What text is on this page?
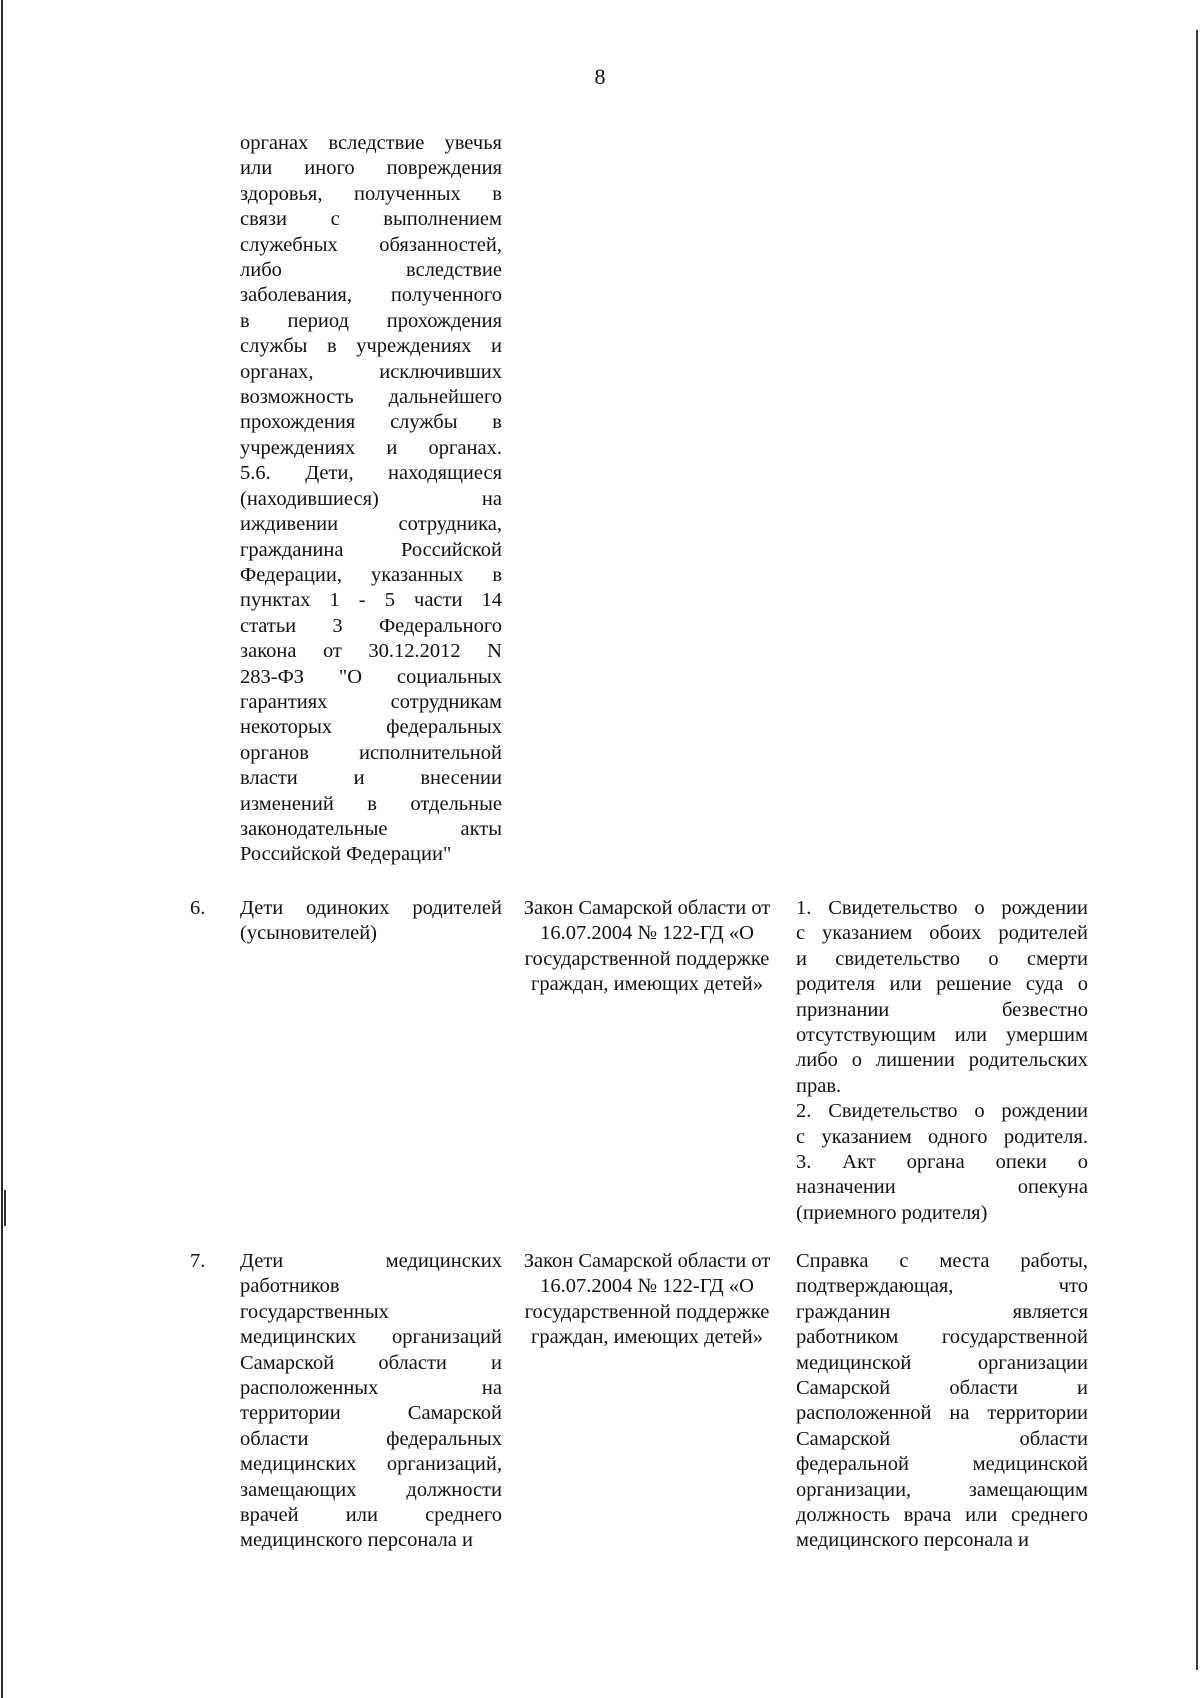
8
органах вследствие увечья
или иного повреждения
здоровья, полученных в
связи с выполнением
служебных обязанностей,
либо вследствие
заболевания, полученного
в период прохождения
службы в учреждениях и
органах, исключивших
возможность дальнейшего
прохождения службы в
учреждениях и органах.
5.6. Дети, находящиеся
(находившиеся) на
иждивении сотрудника,
гражданина Российской
Федерации, указанных в
пунктах 1 - 5 части 14
статьи 3 Федерального
закона от 30.12.2012 N
283-ФЗ "О социальных
гарантиях сотрудникам
некоторых федеральных
органов исполнительной
власти и внесении
изменений в отдельные
законодательные акты
Российской Федерации"
6. Дети одиноких родителей
(усыновителей)
Закон Самарской области от
16.07.2004 № 122-ГД «О
государственной поддержке
граждан, имеющих детей»
1. Свидетельство о рождении
с указанием обоих родителей
и свидетельство о смерти
родителя или решение суда о
признании безвестно
отсутствующим или умершим
либо о лишении родительских
прав.
2. Свидетельство о рождении
с указанием одного родителя.
3. Акт органа опеки о
назначении опекуна
(приемного родителя)
7. Дети медицинских
работников
государственных
медицинских организаций
Самарской области и
расположенных на
территории Самарской
области федеральных
медицинских организаций,
замещающих должности
врачей или среднего
медицинского персонала и
Закон Самарской области от
16.07.2004 № 122-ГД «О
государственной поддержке
граждан, имеющих детей»
Справка с места работы,
подтверждающая, что
гражданин является
работником государственной
медицинской организации
Самарской области и
расположенной на территории
Самарской области
федеральной медицинской
организации, замещающим
должность врача или среднего
медицинского персонала и
